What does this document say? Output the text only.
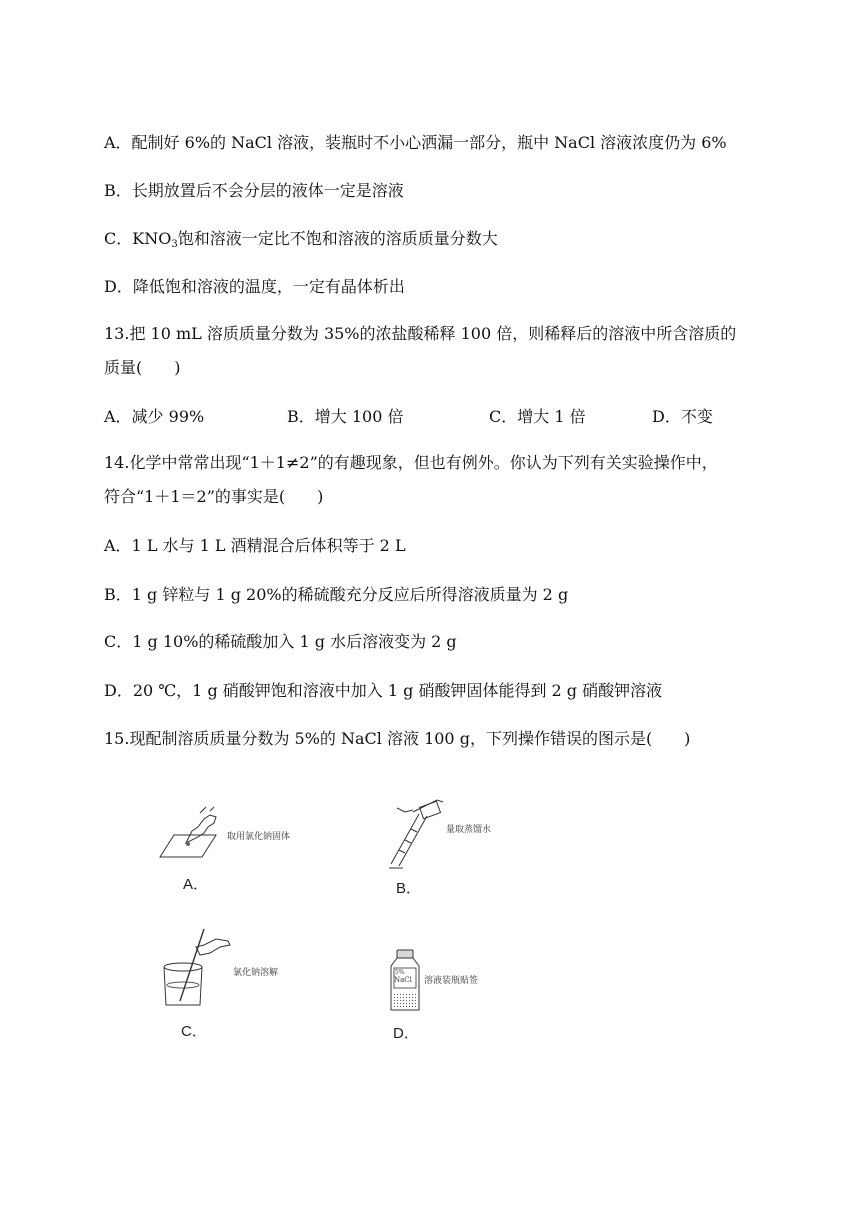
A．配制好 6%的 NaCl 溶液，装瓶时不小心洒漏一部分，瓶中 NaCl 溶液浓度仍为 6%
B．长期放置后不会分层的液体一定是溶液
C．$KNO_3$饱和溶液一定比不饱和溶液的溶质质量分数大
D．降低饱和溶液的温度，一定有晶体析出
13.把 10 mL 溶质质量分数为 35%的浓盐酸稀释 100 倍，则稀释后的溶液中所含溶质的
质量(　　)
A．减少 99%	B．增大 100 倍	C．增大 1 倍	D．不变
14.化学中常常出现“1＋1≠2”的有趣现象，但也有例外。你认为下列有关实验操作中，
符合“1＋1＝2”的事实是(　　)
A．1 L 水与 1 L 酒精混合后体积等于 2 L
B．1 g 锌粒与 1 g 20%的稀硫酸充分反应后所得溶液质量为 2 g
C．1 g 10%的稀硫酸加入 1 g 水后溶液变为 2 g
D．20 ℃，1 g 硝酸钾饱和溶液中加入 1 g 硝酸钾固体能得到 2 g 硝酸钾溶液
15.现配制溶质质量分数为 5%的 NaCl 溶液 100 g，下列操作错误的图示是(　　)
取用氯化钠固体
A．
量取蒸馏水
B．
氯化钠溶解
C．
5%
NaCl 溶液装瓶贴签
D．
